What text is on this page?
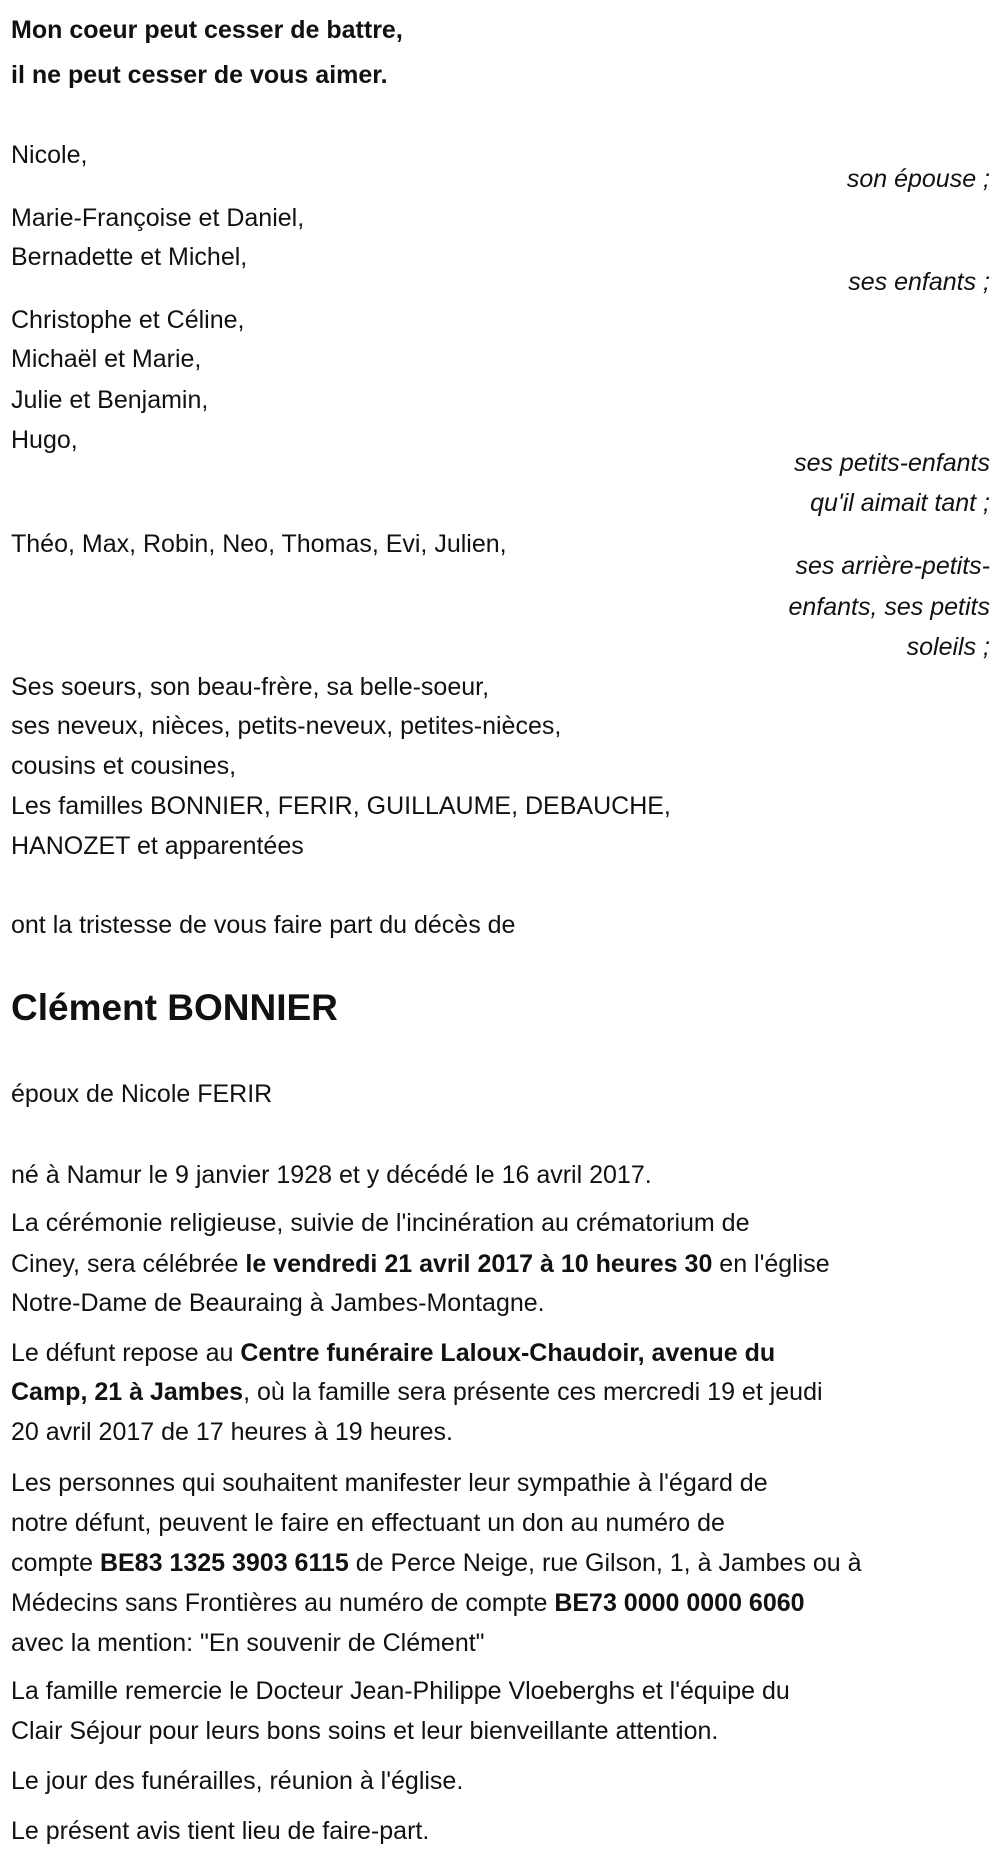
Mon coeur peut cesser de battre,
il ne peut cesser de vous aimer.
Nicole,
Marie-Françoise et Daniel,
Bernadette et Michel,
Christophe et Céline,
Michaël et Marie,
Julie et Benjamin,
Hugo,
Théo, Max, Robin, Neo, Thomas, Evi, Julien,
son épouse ;
ses enfants ;
ses petits-enfants
qu'il aimait tant ;
ses arrière-petits-
enfants, ses petits
soleils ;
Ses soeurs, son beau-frère, sa belle-soeur,
ses neveux, nièces, petits-neveux, petites-nièces,
cousins et cousines,
Les familles BONNIER, FERIR, GUILLAUME, DEBAUCHE,
HANOZET et apparentées
ont la tristesse de vous faire part du décès de
Clément BONNIER
époux de Nicole FERIR
né à Namur le 9 janvier 1928 et y décédé le 16 avril 2017.
La cérémonie religieuse, suivie de l'incinération au crématorium de
Ciney, sera célébrée le vendredi 21 avril 2017 à 10 heures 30 en l'église
Notre-Dame de Beauraing à Jambes-Montagne.
Le défunt repose au Centre funéraire Laloux-Chaudoir, avenue du
Camp, 21 à Jambes, où la famille sera présente ces mercredi 19 et jeudi
20 avril 2017 de 17 heures à 19 heures.
Les personnes qui souhaitent manifester leur sympathie à l'égard de
notre défunt, peuvent le faire en effectuant un don au numéro de
compte BE83 1325 3903 6115 de Perce Neige, rue Gilson, 1, à Jambes ou à
Médecins sans Frontières au numéro de compte BE73 0000 0000 6060
avec la mention: "En souvenir de Clément"
La famille remercie le Docteur Jean-Philippe Vloeberghs et l'équipe du
Clair Séjour pour leurs bons soins et leur bienveillante attention.
Le jour des funérailles, réunion à l'église.
Le présent avis tient lieu de faire-part.
